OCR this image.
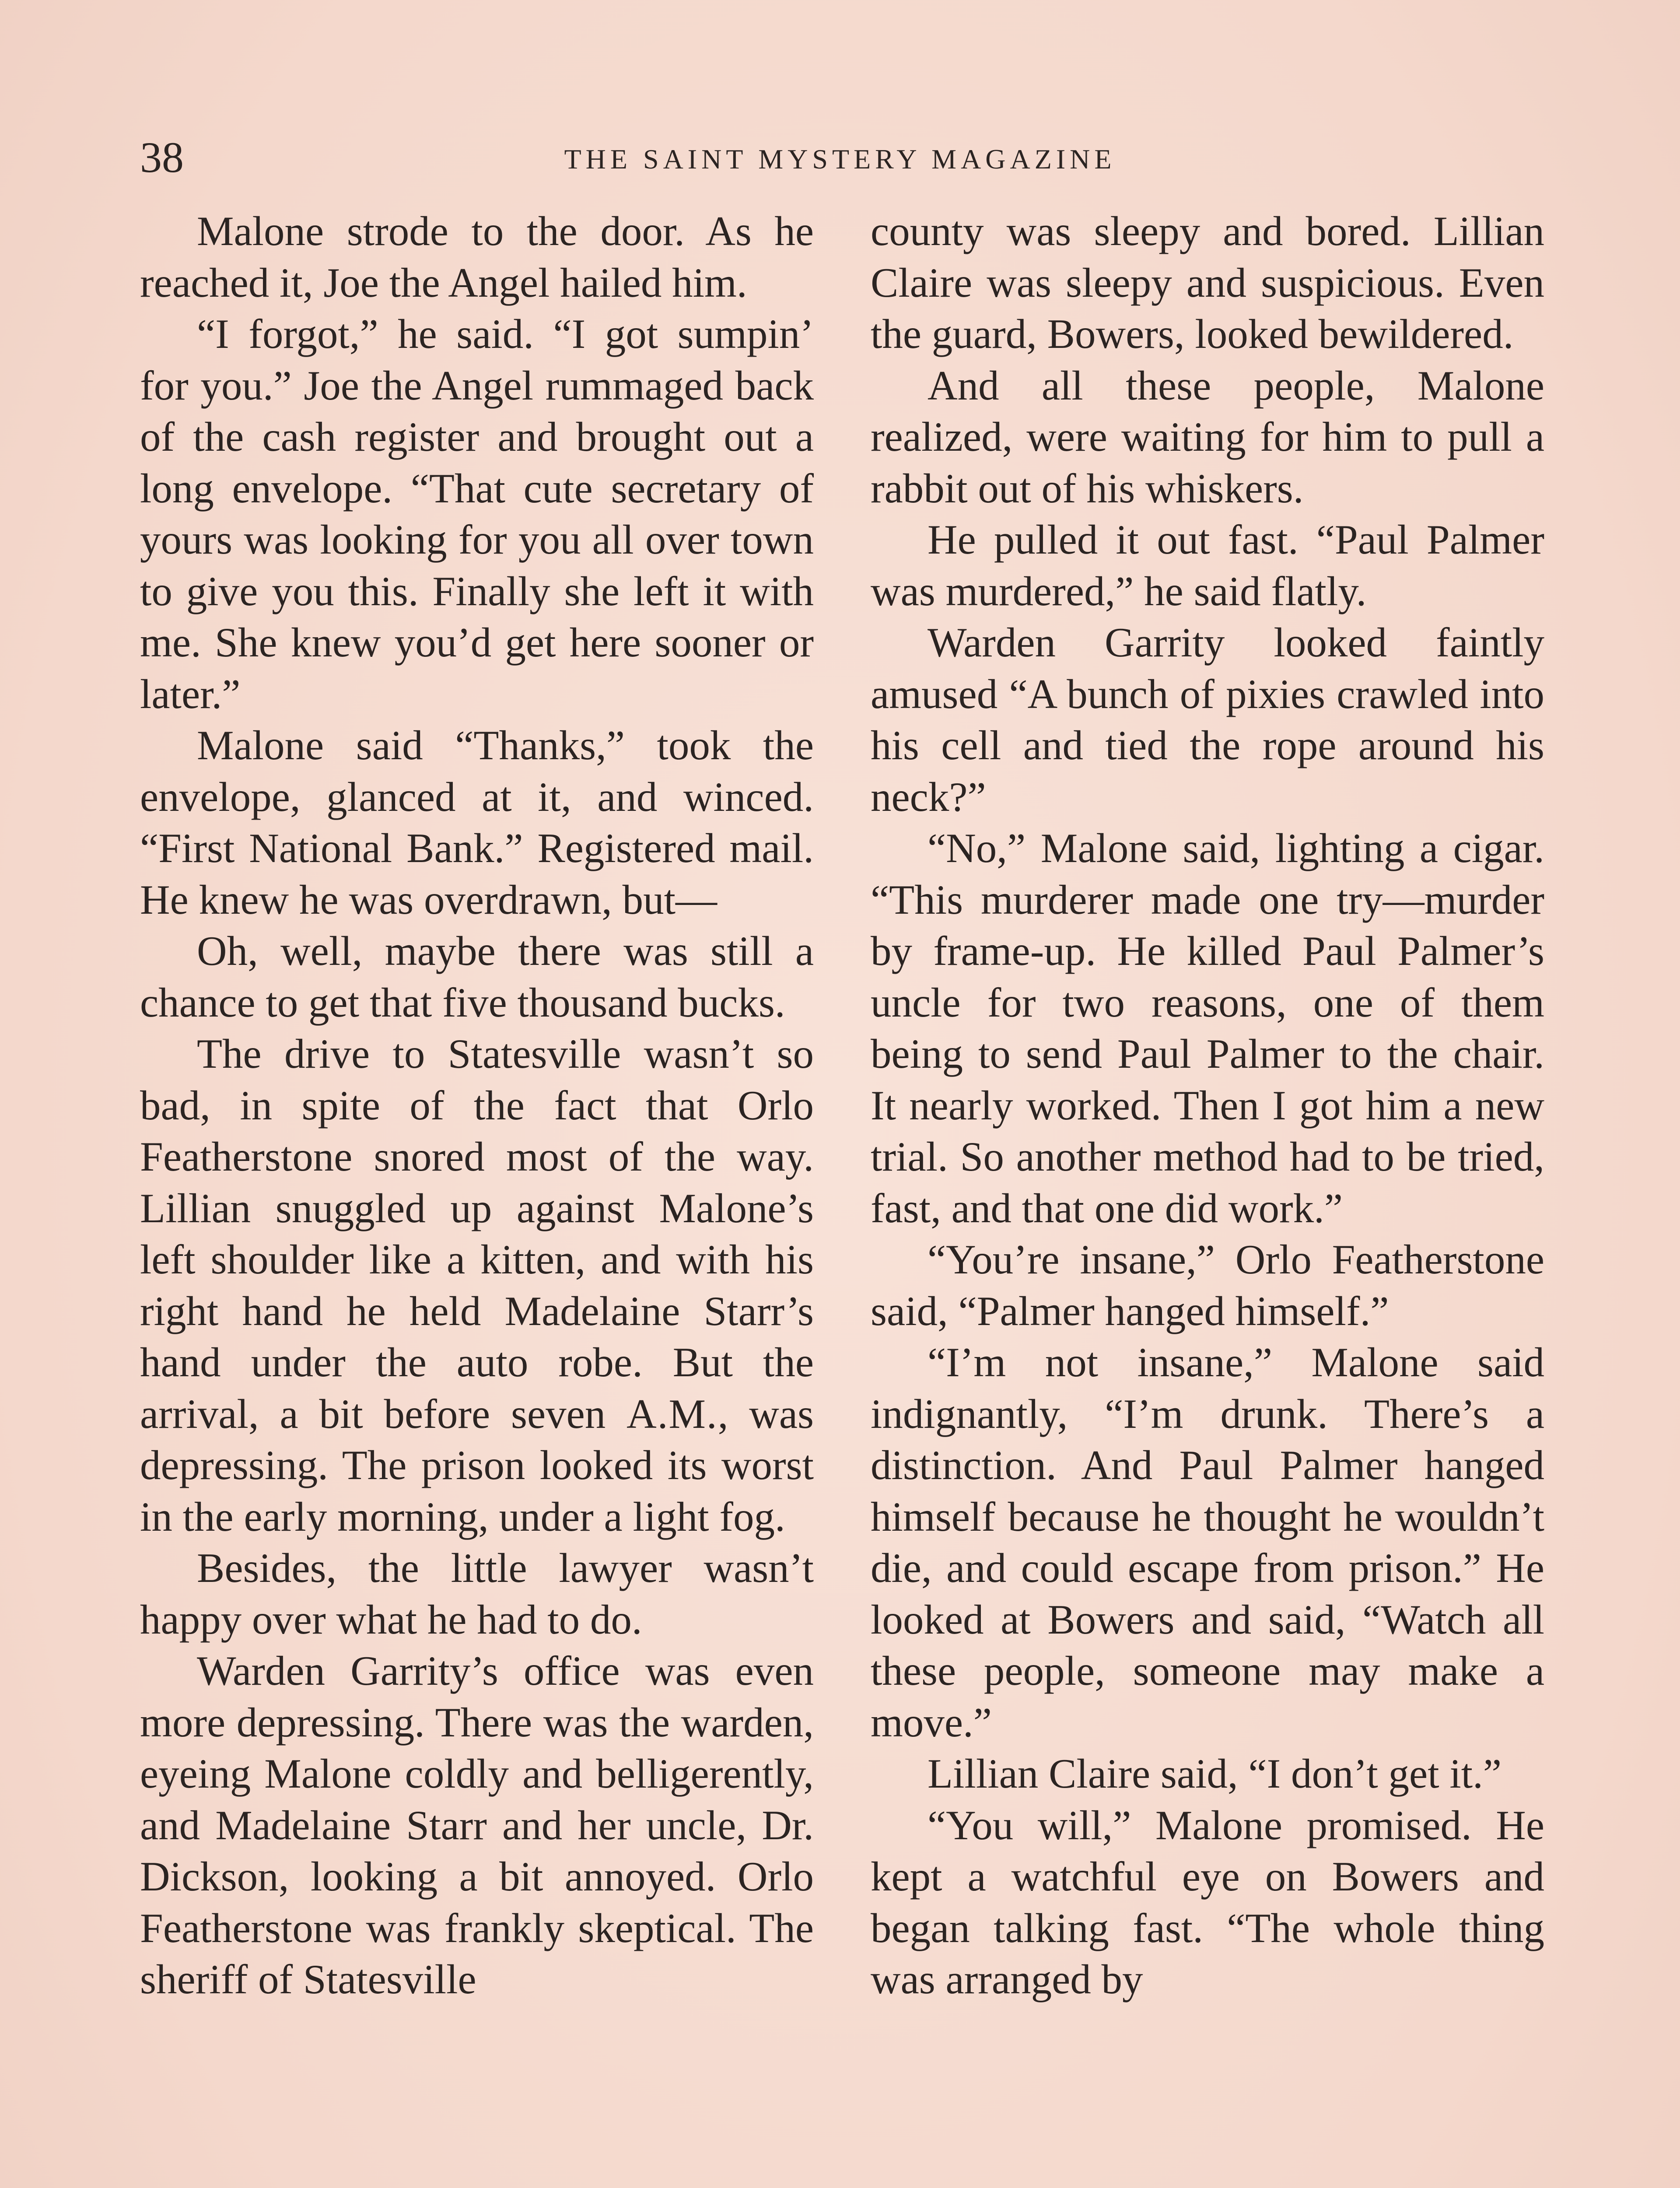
38	THE SAINT MYSTERY MAGAZINE

Malone strode to the door. As he reached it, Joe the Angel hailed him.

“I forgot,” he said. “I got sumpin’ for you.” Joe the Angel rummaged back of the cash register and brought out a long envelope. “That cute secretary of yours was looking for you all over town to give you this. Finally she left it with me. She knew you’d get here sooner or later.”

Malone said “Thanks,” took the envelope, glanced at it, and winced. “First National Bank.” Registered mail. He knew he was overdrawn, but—

Oh, well, maybe there was still a chance to get that five thousand bucks.

The drive to Statesville wasn’t so bad, in spite of the fact that Orlo Featherstone snored most of the way. Lillian snuggled up against Malone’s left shoulder like a kitten, and with his right hand he held Madelaine Starr’s hand under the auto robe. But the arrival, a bit before seven A.M., was depressing. The prison looked its worst in the early morning, under a light fog.

Besides, the little lawyer wasn’t happy over what he had to do.

Warden Garrity’s office was even more depressing. There was the warden, eyeing Malone coldly and belligerently, and Madelaine Starr and her uncle, Dr. Dickson, looking a bit annoyed. Orlo Featherstone was frankly skeptical. The sheriff of Statesville

county was sleepy and bored. Lillian Claire was sleepy and suspicious. Even the guard, Bowers, looked bewildered.

And all these people, Malone realized, were waiting for him to pull a rabbit out of his whiskers.

He pulled it out fast. “Paul Palmer was murdered,” he said flatly.

Warden Garrity looked faintly amused “A bunch of pixies crawled into his cell and tied the rope around his neck?”

“No,” Malone said, lighting a cigar. “This murderer made one try—murder by frame-up. He killed Paul Palmer’s uncle for two reasons, one of them being to send Paul Palmer to the chair. It nearly worked. Then I got him a new trial. So another method had to be tried, fast, and that one did work.”

“You’re insane,” Orlo Featherstone said, “Palmer hanged himself.”

“I’m not insane,” Malone said indignantly, “I’m drunk. There’s a distinction. And Paul Palmer hanged himself because he thought he wouldn’t die, and could escape from prison.” He looked at Bowers and said, “Watch all these people, someone may make a move.”

Lillian Claire said, “I don’t get it.”

“You will,” Malone promised. He kept a watchful eye on Bowers and began talking fast. “The whole thing was arranged by
